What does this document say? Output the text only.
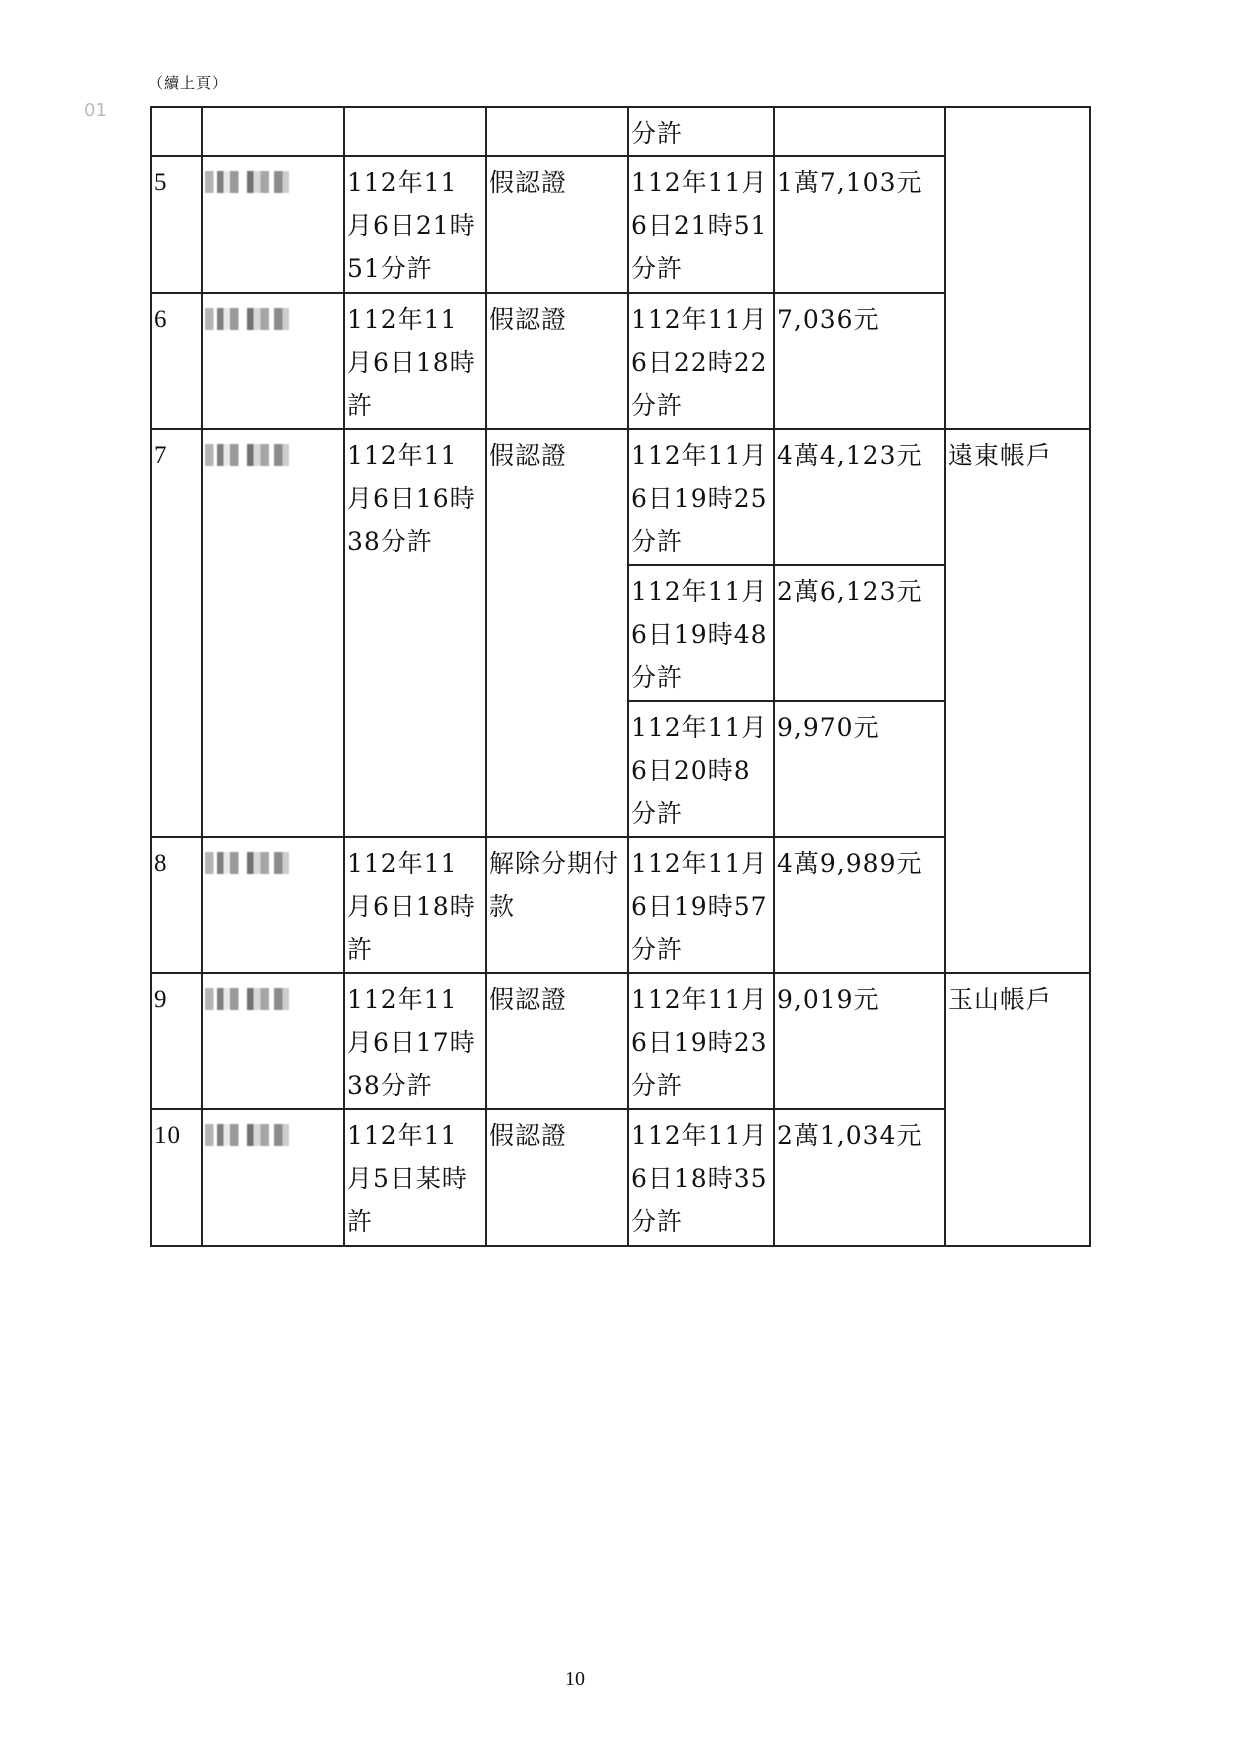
（續上頁）
01
				分許		
5		112年11月6日21時51分許	假認證	112年11月6日21時51分許	1萬7,103元	
6		112年11月6日18時許	假認證	112年11月6日22時22分許	7,036元	
7		112年11月6日16時38分許	假認證	112年11月6日19時25分許	4萬4,123元	遠東帳戶
				112年11月6日19時48分許	2萬6,123元	
				112年11月6日20時8分許	9,970元	
8		112年11月6日18時許	解除分期付款	112年11月6日19時57分許	4萬9,989元	
9		112年11月6日17時38分許	假認證	112年11月6日19時23分許	9,019元	玉山帳戶
10		112年11月5日某時許	假認證	112年11月6日18時35分許	2萬1,034元	
10
